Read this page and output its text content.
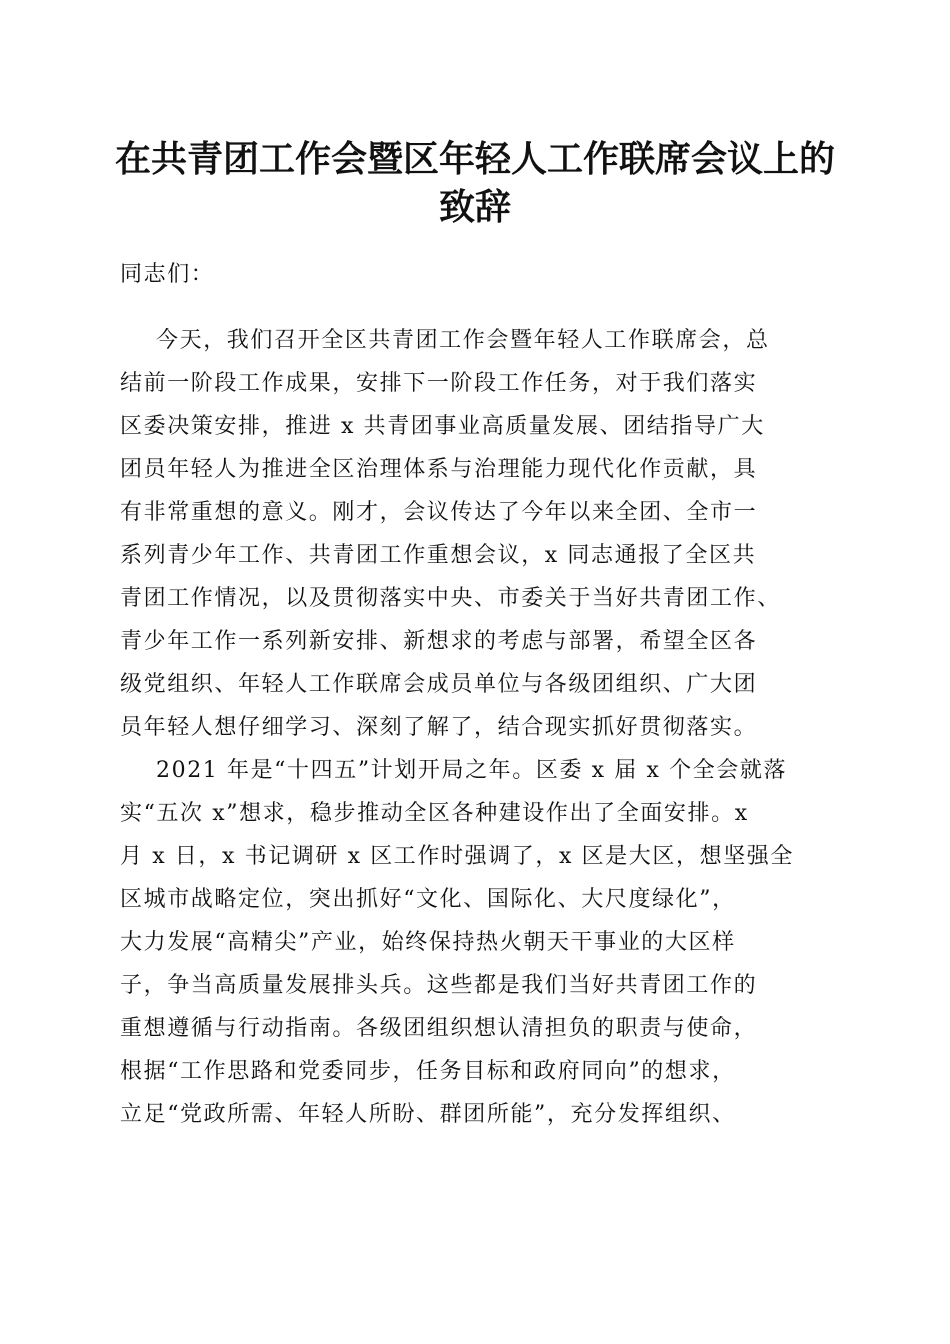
在共青团工作会暨区年轻人工作联席会议上的
致辞
同志们：
今天，我们召开全区共青团工作会暨年轻人工作联席会，总
结前一阶段工作成果，安排下一阶段工作任务，对于我们落实
区委决策安排，推进 x 共青团事业高质量发展、团结指导广大
团员年轻人为推进全区治理体系与治理能力现代化作贡献，具
有非常重想的意义。刚才，会议传达了今年以来全团、全市一
系列青少年工作、共青团工作重想会议，x 同志通报了全区共
青团工作情况，以及贯彻落实中央、市委关于当好共青团工作、
青少年工作一系列新安排、新想求的考虑与部署，希望全区各
级党组织、年轻人工作联席会成员单位与各级团组织、广大团
员年轻人想仔细学习、深刻了解了，结合现实抓好贯彻落实。
2021 年是“十四五”计划开局之年。区委 x 届 x 个全会就落
实“五次 x”想求，稳步推动全区各种建设作出了全面安排。x
月 x 日，x 书记调研 x 区工作时强调了，x 区是大区，想坚强全
区城市战略定位，突出抓好“文化、国际化、大尺度绿化”，
大力发展“高精尖”产业，始终保持热火朝天干事业的大区样
子，争当高质量发展排头兵。这些都是我们当好共青团工作的
重想遵循与行动指南。各级团组织想认清担负的职责与使命，
根据“工作思路和党委同步，任务目标和政府同向”的想求，
立足“党政所需、年轻人所盼、群团所能”，充分发挥组织、
